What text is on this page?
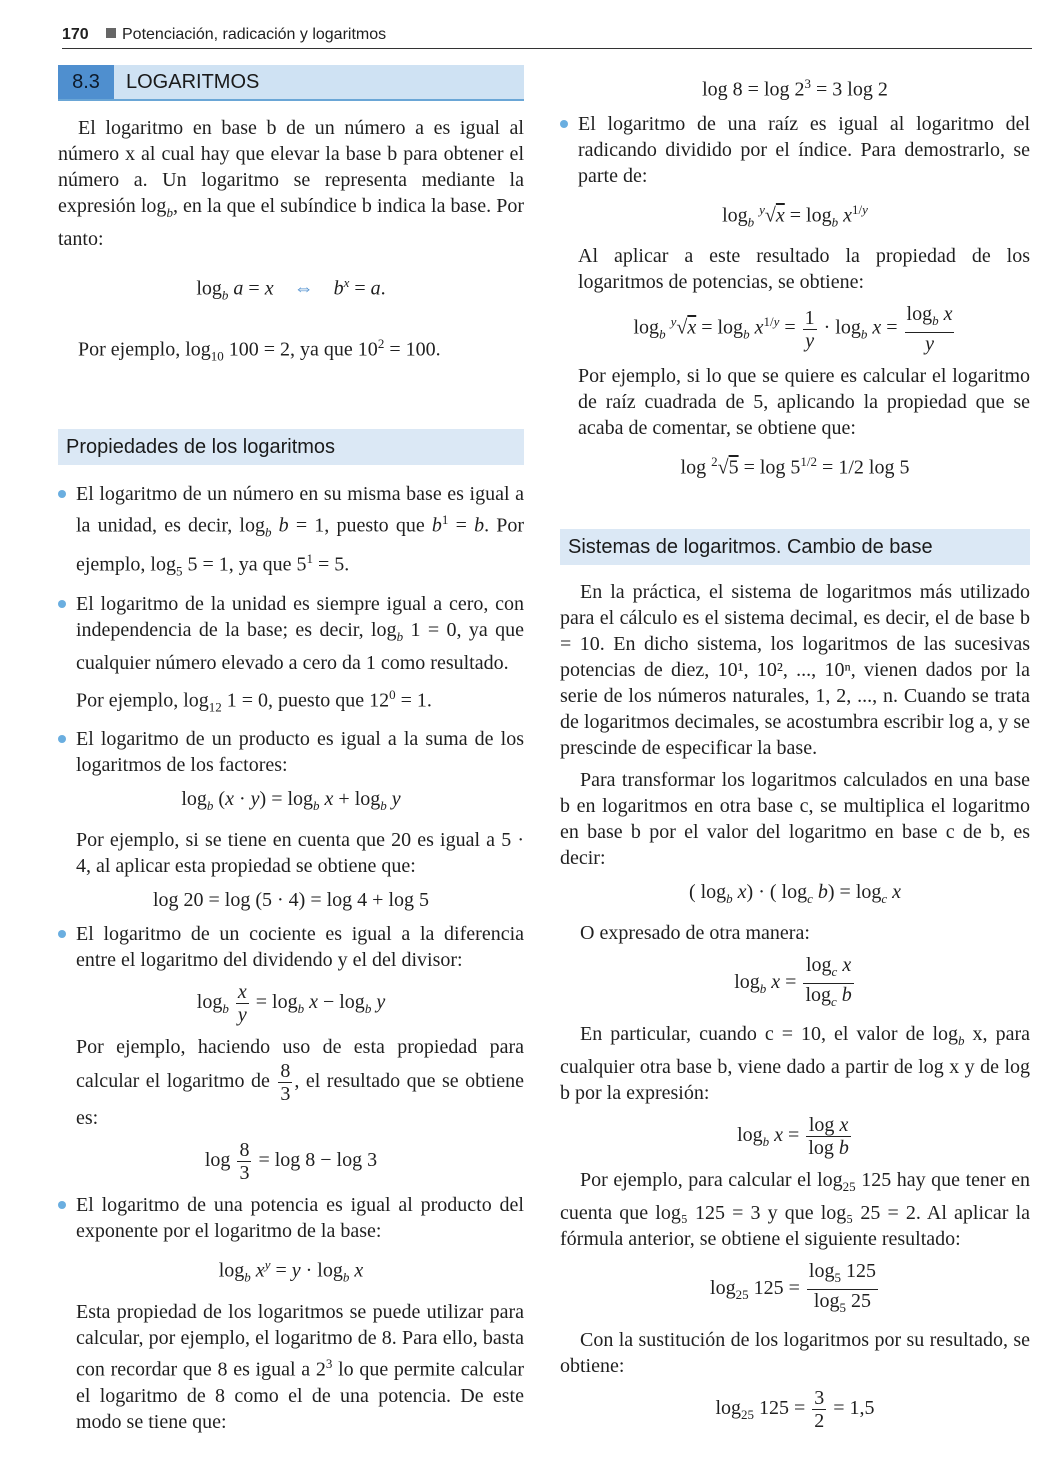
170 Potenciación, radicación y logaritmos
8.3	LOGARITMOS

El logaritmo en base b de un número a es igual al número x al cual hay que elevar la base b para obtener el número a. Un logaritmo se representa mediante la expresión $\log_b$, en la que el subíndice b indica la base. Por tanto:

$\log_b a = x$ ⇔ $b^x = a$.

Por ejemplo, $\log_{10} 100 = 2$, ya que $10^2 = 100$.

Propiedades de los logaritmos
El logaritmo de un número en su misma base es igual a la unidad, es decir, $\log_b b = 1$, puesto que $b^1 = b$. Por ejemplo, $\log_5 5 = 1$, ya que $5^1 = 5$.
El logaritmo de la unidad es siempre igual a cero, con independencia de la base; es decir, $\log_b 1 = 0$, ya que cualquier número elevado a cero da 1 como resultado.

Por ejemplo, $\log_{12} 1 = 0$, puesto que $12^0 = 1$.

El logaritmo de un producto es igual a la suma de los logaritmos de los factores:
$\log_b (x \cdot y) = \log_b x + \log_b y$

Por ejemplo, si se tiene en cuenta que 20 es igual a 5 · 4, al aplicar esta propiedad se obtiene que:

log 20 = log (5 · 4) = log 4 + log 5
El logaritmo de un cociente es igual a la diferencia entre el logaritmo del dividendo y el del divisor:
$\log_b \frac{x}{y} = \log_b x - \log_b y$

Por ejemplo, haciendo uso de esta propiedad para calcular el logaritmo de $\frac{8}{3}$ , el resultado que se obtiene es:

$\log \frac{8}{3} = \log 8 - \log 3$
El logaritmo de una potencia es igual al producto del exponente por el logaritmo de la base:
$\log_b x^y = y \cdot \log_b x$

Esta propiedad de los logaritmos se puede utilizar para calcular, por ejemplo, el logaritmo de 8. Para ello, basta con recordar que 8 es igual a $2^3$ lo que permite calcular el logaritmo de 8 como el de una potencia. De este modo se tiene que:

$\log 8 = \log 2^3 = 3$ log 2
El logaritmo de una raíz es igual al logaritmo del radicando dividido por el índice. Para demostrarlo, se parte de:
$\log_b ^y√x = \log_b x^{1/y}$

Al aplicar a este resultado la propiedad de los logaritmos de potencias, se obtiene:

$\log_b ^y√x = \log_b x^{1/y} = \frac{1}{y} \cdot \log_b x = \frac{\log_b x}{y}$

Por ejemplo, si lo que se quiere es calcular el logaritmo de raíz cuadrada de 5, aplicando la propiedad que se acaba de comentar, se obtiene que:

$\log ^2√5 = \log 5^{1/2} = 1/2$ log 5
Sistemas de logaritmos. Cambio de base

En la práctica, el sistema de logaritmos más utilizado para el cálculo es el sistema decimal, es decir, el de base b = 10. En dicho sistema, los logaritmos de las sucesivas potencias de diez, 10¹, 10², ..., 10ⁿ, vienen dados por la serie de los números naturales, 1, 2, ..., n. Cuando se trata de logaritmos decimales, se acostumbra escribir log a, y se prescinde de especificar la base.

Para transformar los logaritmos calculados en una base b en logaritmos en otra base c, se multiplica el logaritmo en base b por el valor del logaritmo en base c de b, es decir:

( $\log_b x$) · ( $\log_c b) = \log_c x$

O expresado de otra manera:

$\log_b x = \frac{\log_c x}{\log_c b}$

En particular, cuando c = 10, el valor de $\log_b x$, para cualquier otra base b, viene dado a partir de log x y de log b por la expresión:

$\log_b x = \frac{\text{log x}}{\text{log b}}$

Por ejemplo, para calcular el $\log_{25} 125$ hay que tener en cuenta que log₅ 125 = 3 y que log₅ 25 = 2. Al aplicar la fórmula anterior, se obtiene el siguiente resultado:

$\log_{25} 125 = \frac{\log_5 125}{\log_5 25}$

Con la sustitución de los logaritmos por su resultado, se obtiene:

$\log_{25} 125 = \frac{3}{2} = 1,5$
